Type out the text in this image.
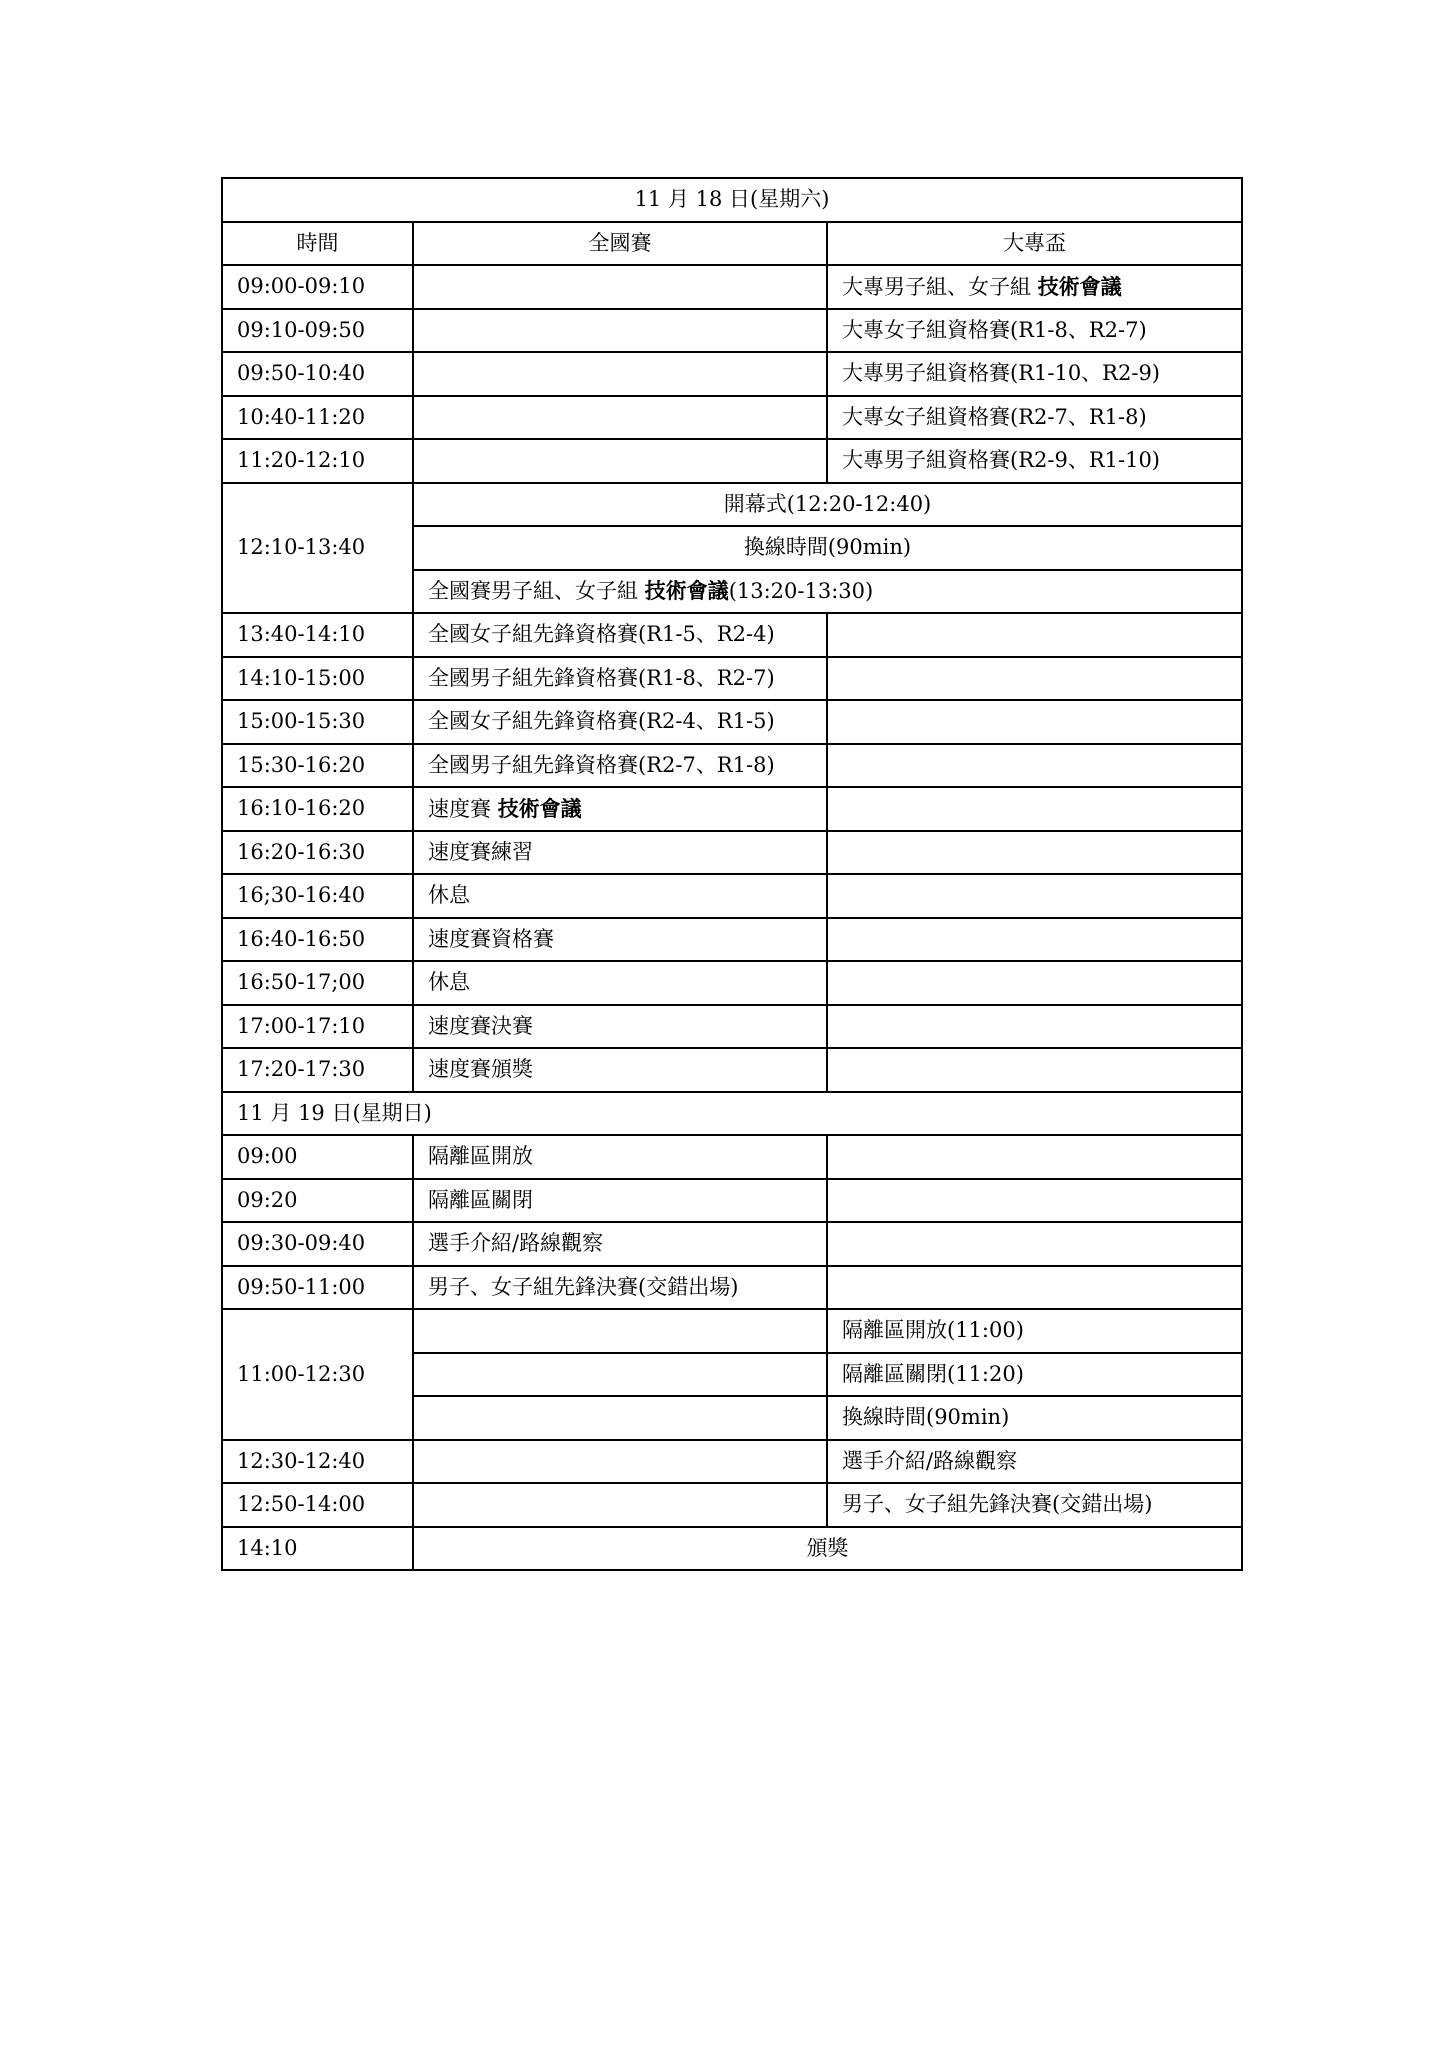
11 月 18 日(星期六)		
時間	全國賽	大專盃
09:00-09:10		大專男子組、女子組 技術會議
09:10-09:50		大專女子組資格賽(R1-8、R2-7)
09:50-10:40		大專男子組資格賽(R1-10、R2-9)
10:40-11:20		大專女子組資格賽(R2-7、R1-8)
11:20-12:10		大專男子組資格賽(R2-9、R1-10)
12:10-13:40	開幕式(12:20-12:40)	
	換線時間(90min)	
	全國賽男子組、女子組 技術會議(13:20-13:30)	
13:40-14:10	全國女子組先鋒資格賽(R1-5、R2-4)	
14:10-15:00	全國男子組先鋒資格賽(R1-8、R2-7)	
15:00-15:30	全國女子組先鋒資格賽(R2-4、R1-5)	
15:30-16:20	全國男子組先鋒資格賽(R2-7、R1-8)	
16:10-16:20	速度賽 技術會議	
16:20-16:30	速度賽練習	
16;30-16:40	休息	
16:40-16:50	速度賽資格賽	
16:50-17;00	休息	
17:00-17:10	速度賽決賽	
17:20-17:30	速度賽頒獎	
11 月 19 日(星期日)		
09:00	隔離區開放	
09:20	隔離區關閉	
09:30-09:40	選手介紹/路線觀察	
09:50-11:00	男子、女子組先鋒決賽(交錯出場)	
11:00-12:30		隔離區開放(11:00)
		隔離區關閉(11:20)
		換線時間(90min)
12:30-12:40		選手介紹/路線觀察
12:50-14:00		男子、女子組先鋒決賽(交錯出場)
14:10	頒獎	
